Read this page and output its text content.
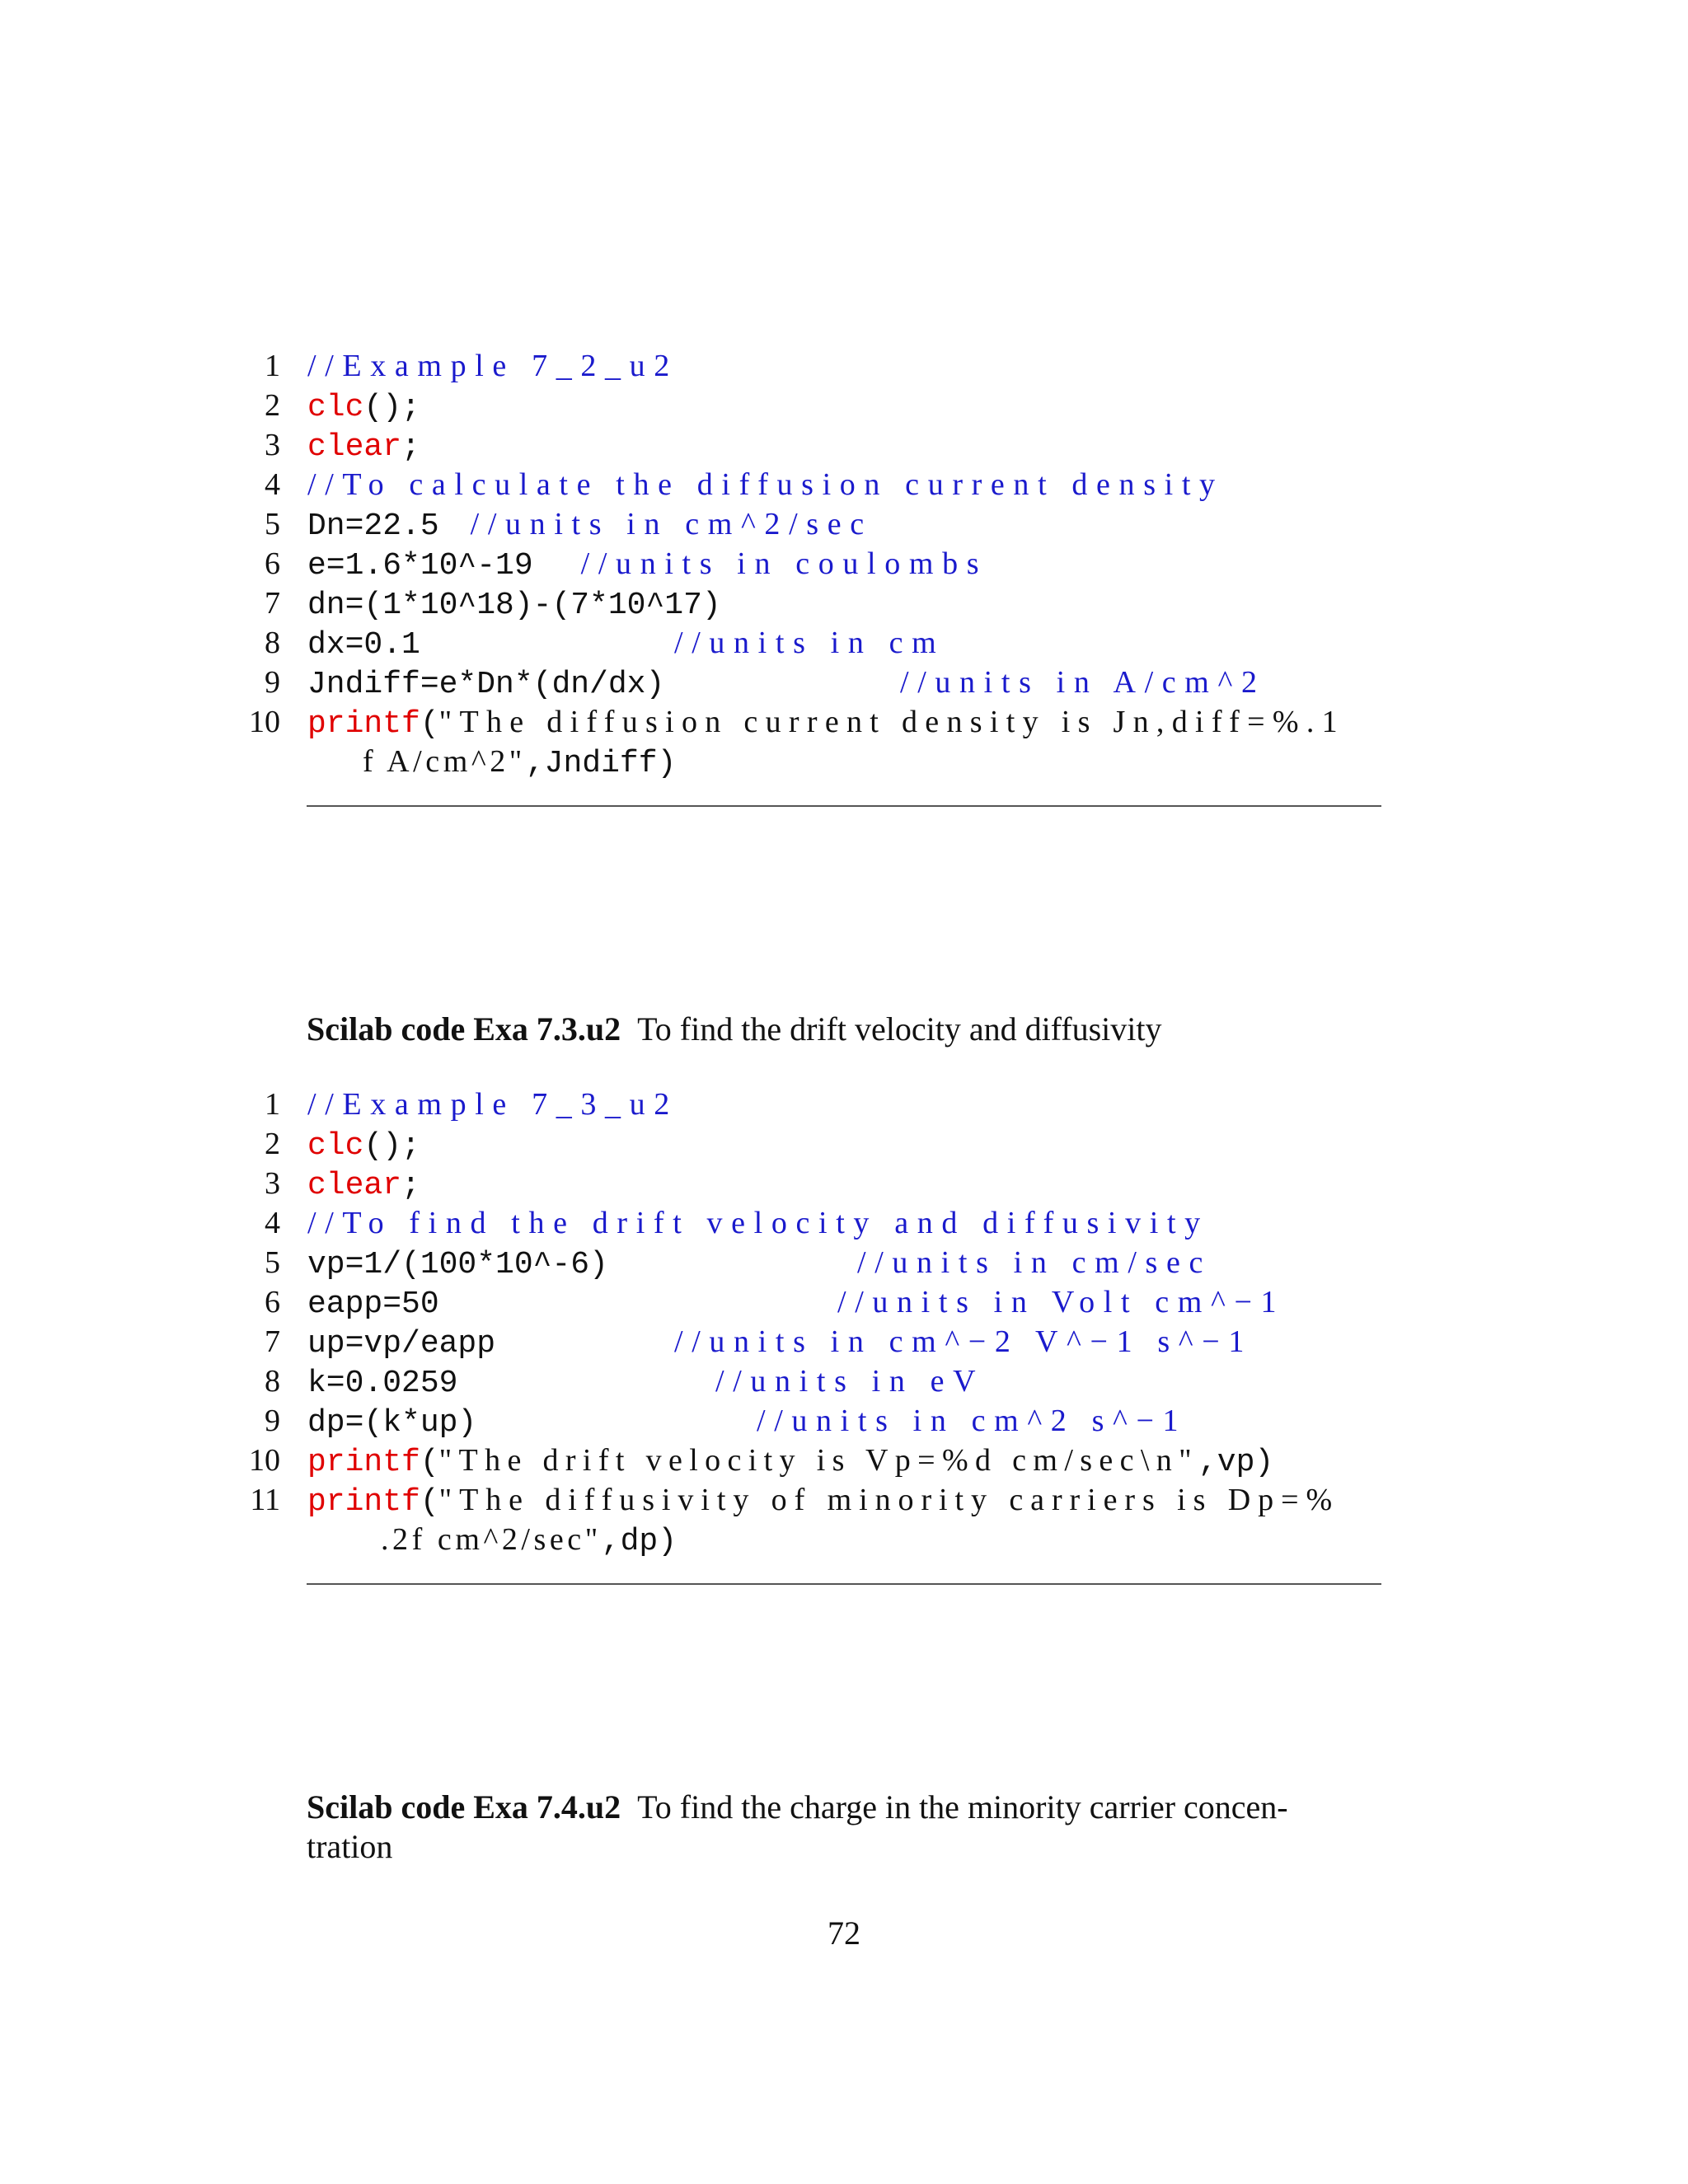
1

//Example 7_2_u2

2

clc();

3

clear;

4

//To calculate the diffusion current density

5

Dn=22.5 //units in cm^2/sec

6

e=1.6*10^-19 //units in coulombs

7

dn=(1*10^18)-(7*10^17)

8

dx=0.1

	//units in cm

9

Jndiff=e*Dn*(dn/dx)

	//units in A/cm^2

10

printf("The diffusion current density is Jn,diff=%.1

f A/cm^2",Jndiff)

Scilab code Exa 7.3.u2 To find the drift velocity and diffusivity

1

//Example 7_3_u2

2

clc();

3

clear;

4

//To find the drift velocity and diffusivity

5

vp=1/(100*10^-6)

	//units in cm/sec

6

eapp=50

	//units in Volt cm^−1

7

up=vp/eapp

	//units in cm^−2 V^−1 s^−1

8

k=0.0259

	//units in eV

9

dp=(k*up)

	//units in cm^2 s^−1

10

printf("The drift velocity is Vp=%d cm/sec\n",vp)

11

printf("The diffusivity of minority carriers is Dp=%

.2f cm^2/sec",dp)

Scilab code Exa 7.4.u2 To find the charge in the minority carrier concen-
tration
72
